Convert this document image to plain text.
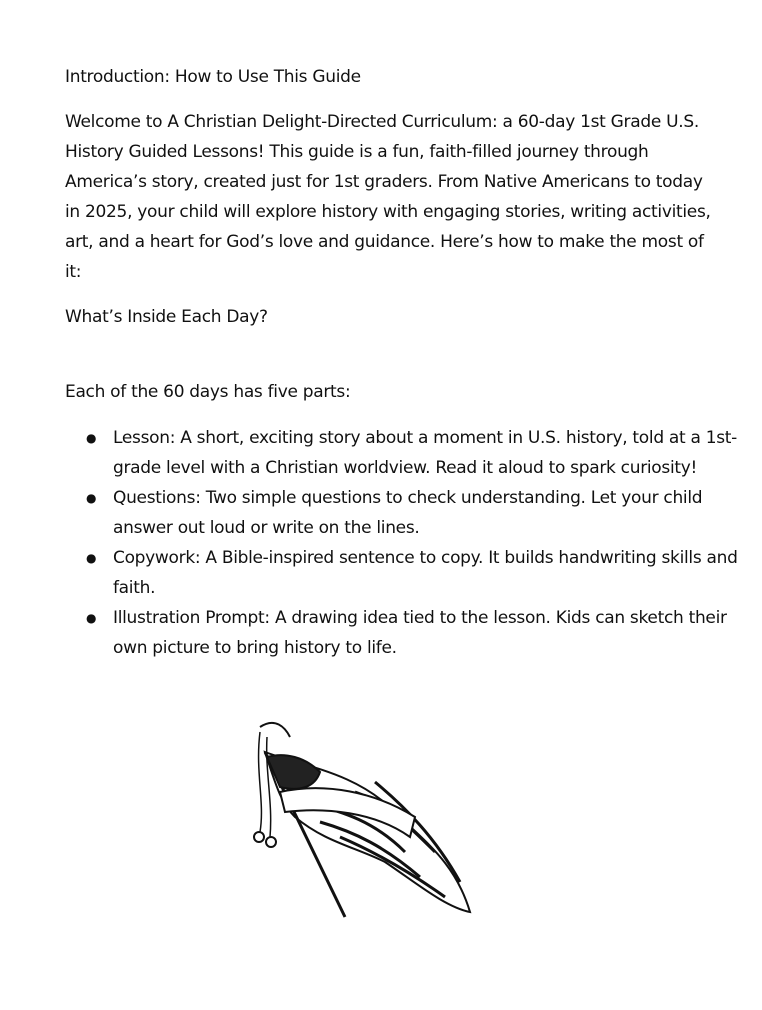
Introduction: How to Use This Guide

Welcome to A Christian Delight-Directed Curriculum: a 60-day 1st Grade U.S. History Guided Lessons! This guide is a fun, faith-filled journey through America’s story, created just for 1st graders. From Native Americans to today in 2025, your child will explore history with engaging stories, writing activities, art, and a heart for God’s love and guidance. Here’s how to make the most of it:

What’s Inside Each Day?

Each of the 60 days has five parts:

● Lesson: A short, exciting story about a moment in U.S. history, told at a 1st-grade level with a Christian worldview. Read it aloud to spark curiosity!
● Questions: Two simple questions to check understanding. Let your child answer out loud or write on the lines.
● Copywork: A Bible-inspired sentence to copy. It builds handwriting skills and faith.
● Illustration Prompt: A drawing idea tied to the lesson. Kids can sketch their own picture to bring history to life.
